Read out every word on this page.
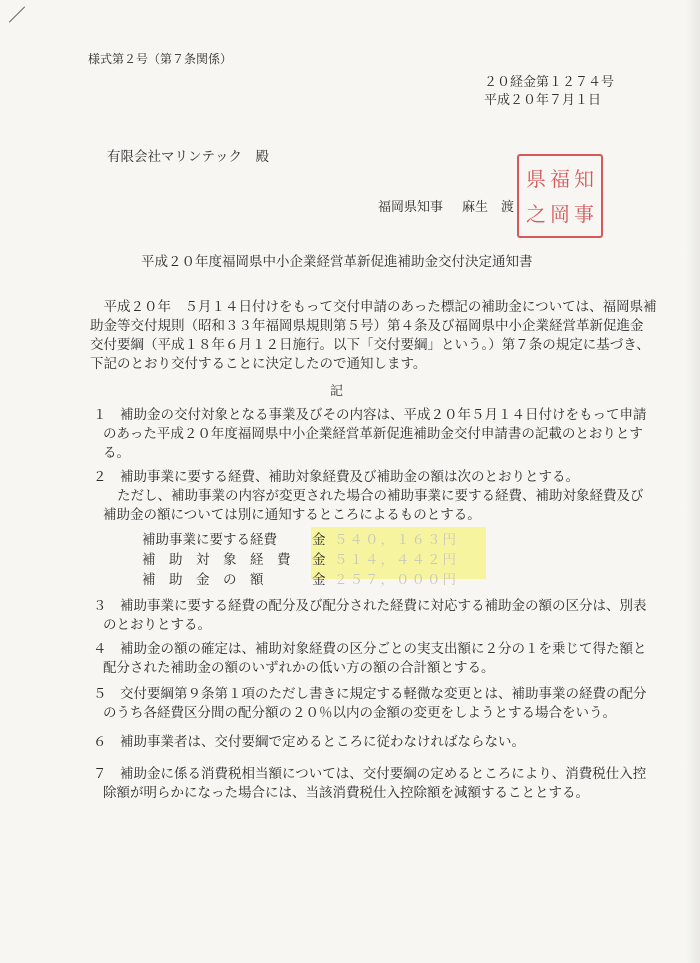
様式第２号（第７条関係）
２０経金第１２７４号
平成２０年７月１日
有限会社マリンテック　殿
福岡県知事 麻生　渡
県 福 知
之 岡 事
平成２０年度福岡県中小企業経営革新促進補助金交付決定通知書
平成２０年　５月１４日付けをもって交付申請のあった標記の補助金については、福岡県補
助金等交付規則（昭和３３年福岡県規則第５号）第４条及び福岡県中小企業経営革新促進金
交付要綱（平成１８年６月１２日施行。以下「交付要綱」という。）第７条の規定に基づき、
下記のとおり交付することに決定したので通知します。
記
１　補助金の交付対象となる事業及びその内容は、平成２０年５月１４日付けをもって申請
のあった平成２０年度福岡県中小企業経営革新促進補助金交付申請書の記載のとおりとす
る。
２　補助事業に要する経費、補助対象経費及び補助金の額は次のとおりとする。
ただし、補助事業の内容が変更された場合の補助事業に要する経費、補助対象経費及び
補助金の額については別に通知するところによるものとする。
補助事業に要する経費	金 ５４０，１６３円
補　助　対　象　経　費 金 ５１４，４４２円
補　助　金　の　額	金 ２５７，０００円
３　補助事業に要する経費の配分及び配分された経費に対応する補助金の額の区分は、別表
のとおりとする。
４　補助金の額の確定は、補助対象経費の区分ごとの実支出額に２分の１を乗じて得た額と
配分された補助金の額のいずれかの低い方の額の合計額とする。
５　交付要綱第９条第１項のただし書きに規定する軽微な変更とは、補助事業の経費の配分
のうち各経費区分間の配分額の２０％以内の金額の変更をしようとする場合をいう。
６　補助事業者は、交付要綱で定めるところに従わなければならない。
７　補助金に係る消費税相当額については、交付要綱の定めるところにより、消費税仕入控
除額が明らかになった場合には、当該消費税仕入控除額を減額することとする。
